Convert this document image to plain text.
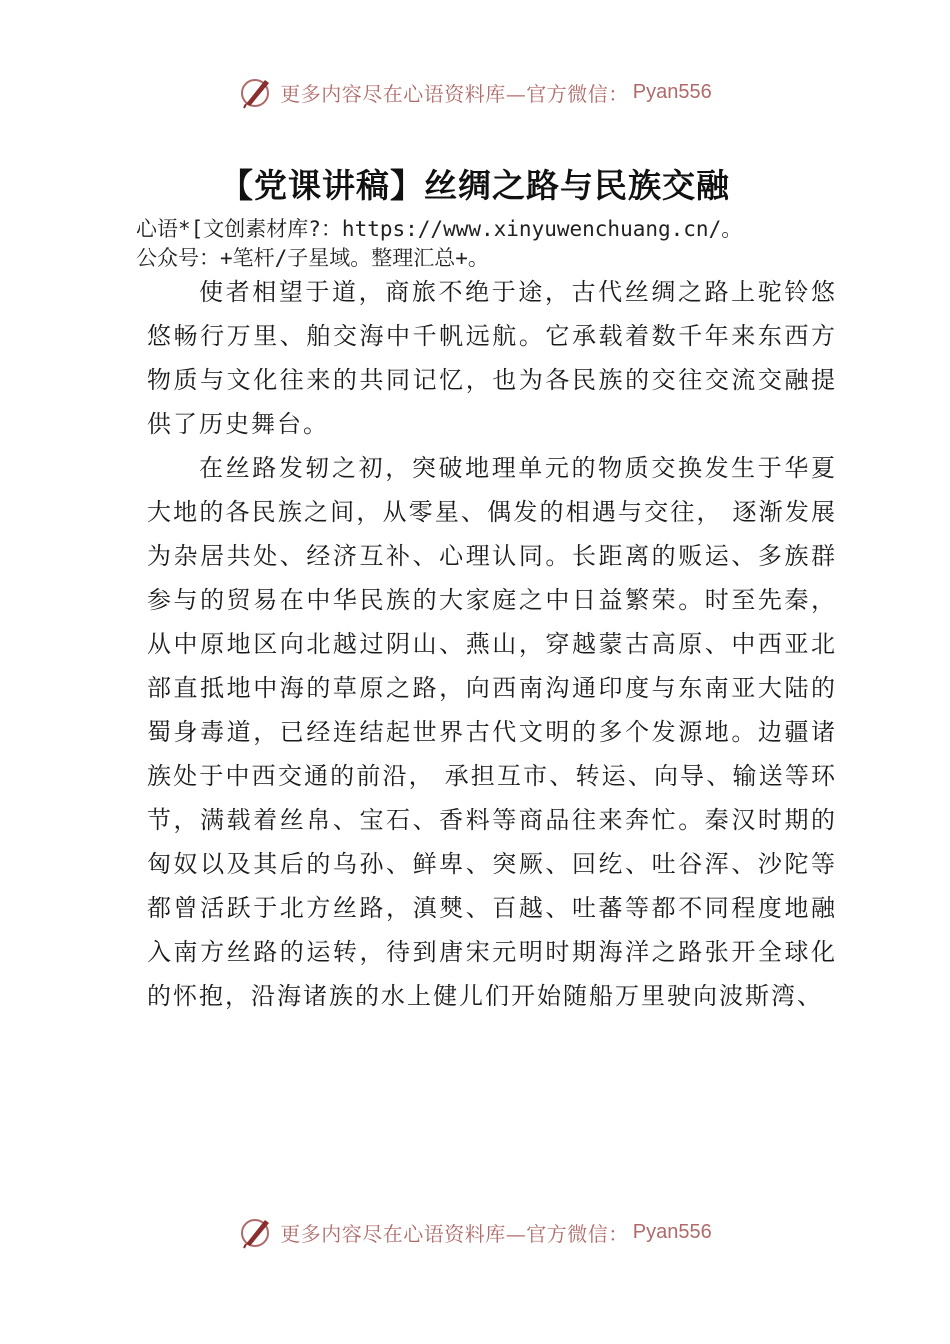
更多内容尽在心语资料库—官方微信： Pyan556
【党课讲稿】丝绸之路与民族交融
心语*[文创素材库?：https://www.xinyuwenchuang.cn/。
公众号：+笔杆/子星域。整理汇总+。

使者相望于道，商旅不绝于途，古代丝绸之路上驼铃悠悠畅行万里、舶交海中千帆远航。它承载着数千年来东西方物质与文化往来的共同记忆，也为各民族的交往交流交融提供了历史舞台。

在丝路发轫之初，突破地理单元的物质交换发生于华夏大地的各民族之间，从零星、偶发的相遇与交往， 逐渐发展为杂居共处、经济互补、心理认同。长距离的贩运、多族群参与的贸易在中华民族的大家庭之中日益繁荣。时至先秦，从中原地区向北越过阴山、燕山，穿越蒙古高原、中西亚北部直抵地中海的草原之路，向西南沟通印度与东南亚大陆的蜀身毒道，已经连结起世界古代文明的多个发源地。边疆诸族处于中西交通的前沿， 承担互市、转运、向导、输送等环节，满载着丝帛、宝石、香料等商品往来奔忙。秦汉时期的匈奴以及其后的乌孙、鲜卑、突厥、回纥、吐谷浑、沙陀等都曾活跃于北方丝路，滇僰、百越、吐蕃等都不同程度地融入南方丝路的运转，待到唐宋元明时期海洋之路张开全球化的怀抱，沿海诸族的水上健儿们开始随船万里驶向波斯湾、

更多内容尽在心语资料库—官方微信： Pyan556
